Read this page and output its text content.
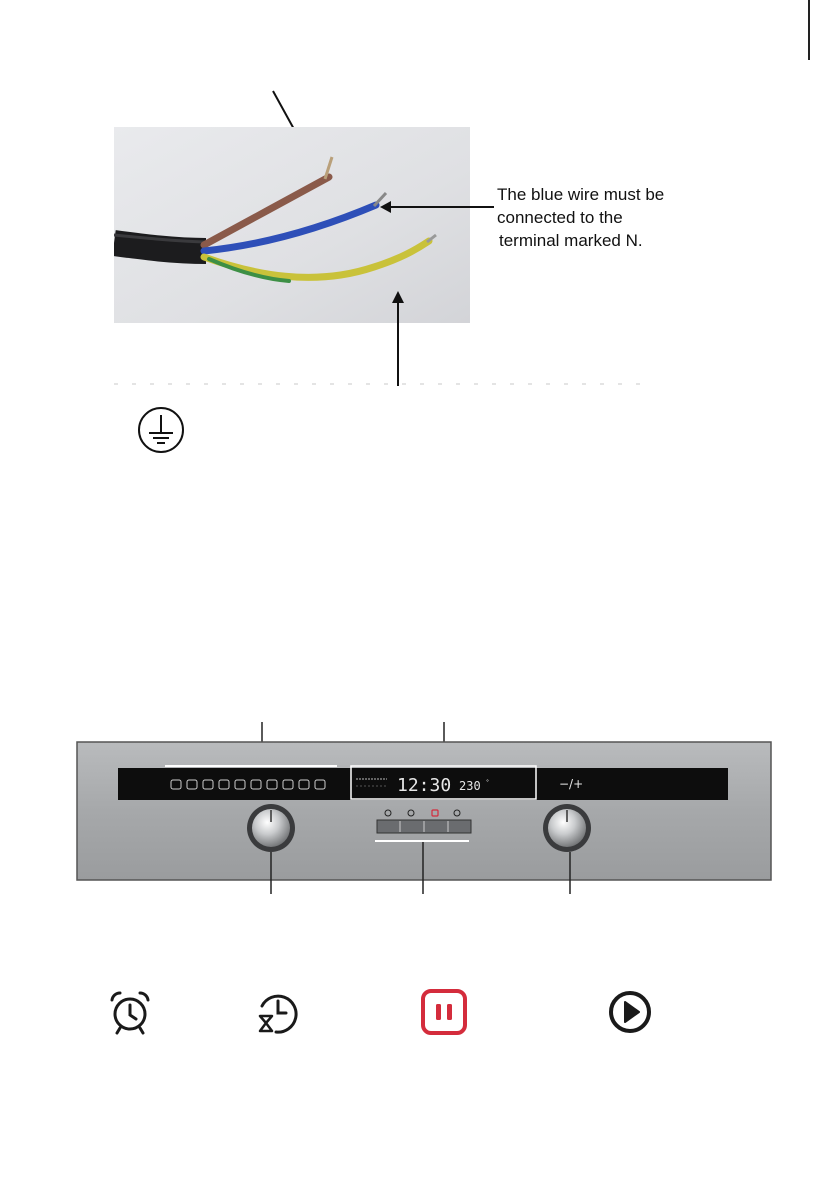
The blue wire must be
connected to the
terminal marked N.
12:30 230 °	−/+
